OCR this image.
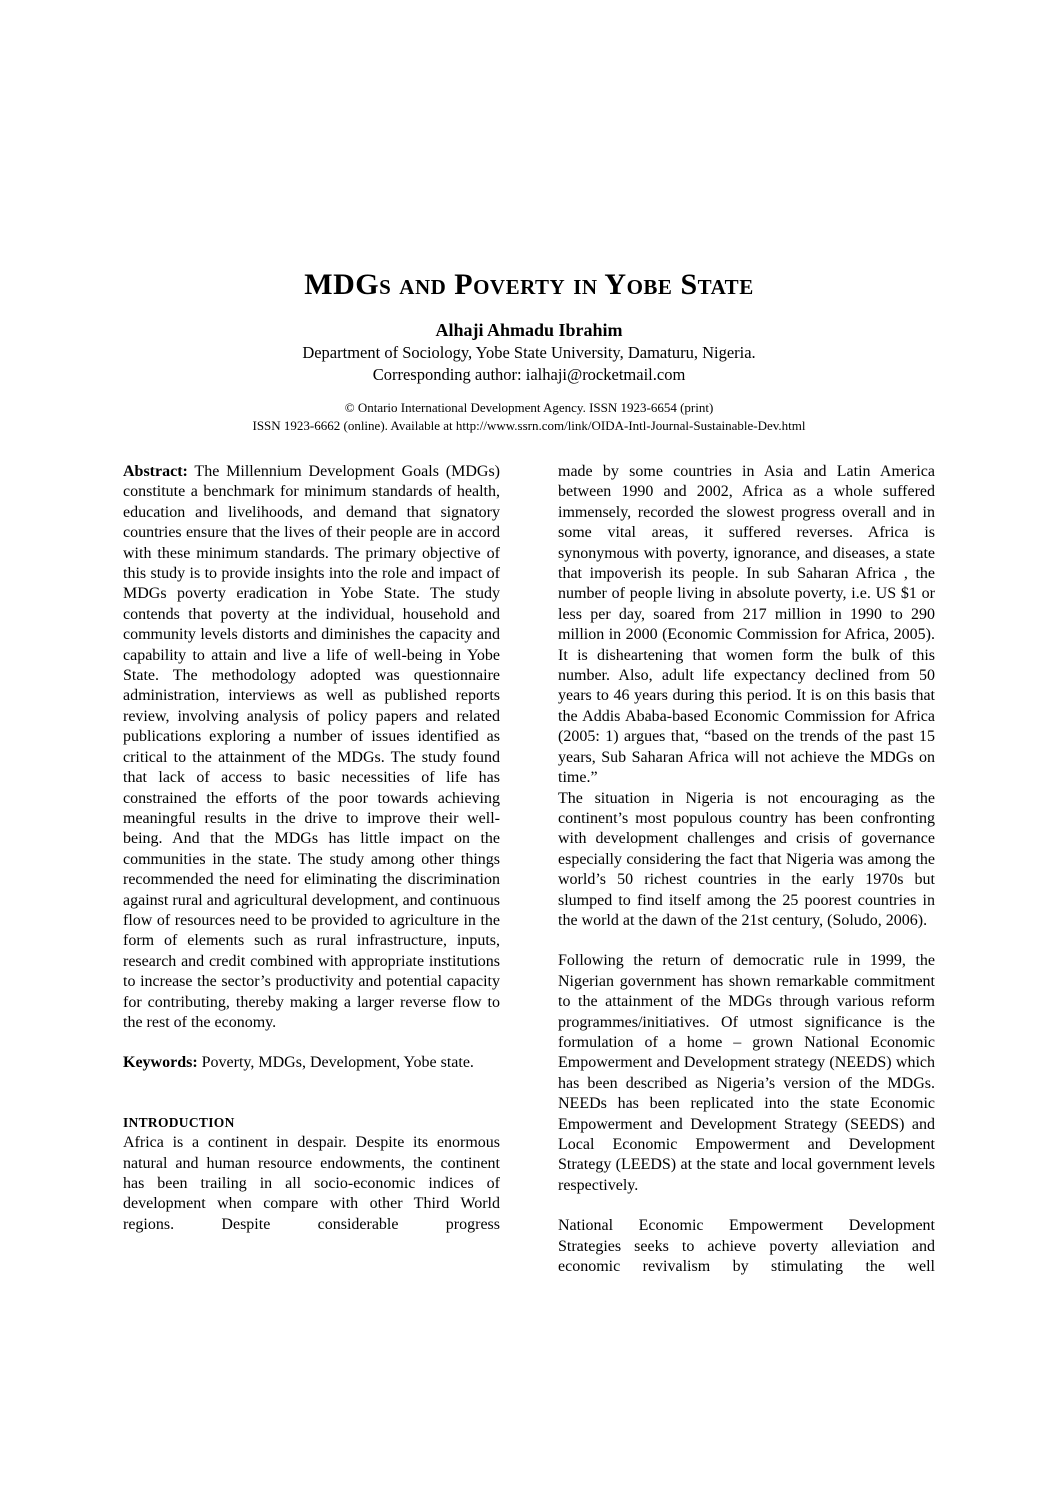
MDGs and Poverty in Yobe State
Alhaji Ahmadu Ibrahim
Department of Sociology, Yobe State University, Damaturu, Nigeria.
Corresponding author: ialhaji@rocketmail.com
© Ontario International Development Agency. ISSN 1923-6654 (print)
ISSN 1923-6662 (online). Available at http://www.ssrn.com/link/OIDA-Intl-Journal-Sustainable-Dev.html

Abstract: The Millennium Development Goals (MDGs) constitute a benchmark for minimum standards of health, education and livelihoods, and demand that signatory countries ensure that the lives of their people are in accord with these minimum standards. The primary objective of this study is to provide insights into the role and impact of MDGs poverty eradication in Yobe State. The study contends that poverty at the individual, household and community levels distorts and diminishes the capacity and capability to attain and live a life of well-being in Yobe State. The methodology adopted was questionnaire administration, interviews as well as published reports review, involving analysis of policy papers and related publications exploring a number of issues identified as critical to the attainment of the MDGs. The study found that lack of access to basic necessities of life has constrained the efforts of the poor towards achieving meaningful results in the drive to improve their well-being. And that the MDGs has little impact on the communities in the state. The study among other things recommended the need for eliminating the discrimination against rural and agricultural development, and continuous flow of resources need to be provided to agriculture in the form of elements such as rural infrastructure, inputs, research and credit combined with appropriate institutions to increase the sector’s productivity and potential capacity for contributing, thereby making a larger reverse flow to the rest of the economy.

Keywords: Poverty, MDGs, Development, Yobe state.

INTRODUCTION

Africa is a continent in despair. Despite its enormous natural and human resource endowments, the continent has been trailing in all socio-economic indices of development when compare with other Third World regions. Despite considerable progress

made by some countries in Asia and Latin America between 1990 and 2002, Africa as a whole suffered immensely, recorded the slowest progress overall and in some vital areas, it suffered reverses. Africa is synonymous with poverty, ignorance, and diseases, a state that impoverish its people. In sub Saharan Africa , the number of people living in absolute poverty, i.e. US $1 or less per day, soared from 217 million in 1990 to 290 million in 2000 (Economic Commission for Africa, 2005). It is disheartening that women form the bulk of this number. Also, adult life expectancy declined from 50 years to 46 years during this period. It is on this basis that the Addis Ababa-based Economic Commission for Africa (2005: 1) argues that, “based on the trends of the past 15 years, Sub Saharan Africa will not achieve the MDGs on time.”

The situation in Nigeria is not encouraging as the continent’s most populous country has been confronting with development challenges and crisis of governance especially considering the fact that Nigeria was among the world’s 50 richest countries in the early 1970s but slumped to find itself among the 25 poorest countries in the world at the dawn of the 21st century, (Soludo, 2006).

Following the return of democratic rule in 1999, the Nigerian government has shown remarkable commitment to the attainment of the MDGs through various reform programmes/initiatives. Of utmost significance is the formulation of a home – grown National Economic Empowerment and Development strategy (NEEDS) which has been described as Nigeria’s version of the MDGs. NEEDs has been replicated into the state Economic Empowerment and Development Strategy (SEEDS) and Local Economic Empowerment and Development Strategy (LEEDS) at the state and local government levels respectively.

National Economic Empowerment Development Strategies seeks to achieve poverty alleviation and economic revivalism by stimulating the well
